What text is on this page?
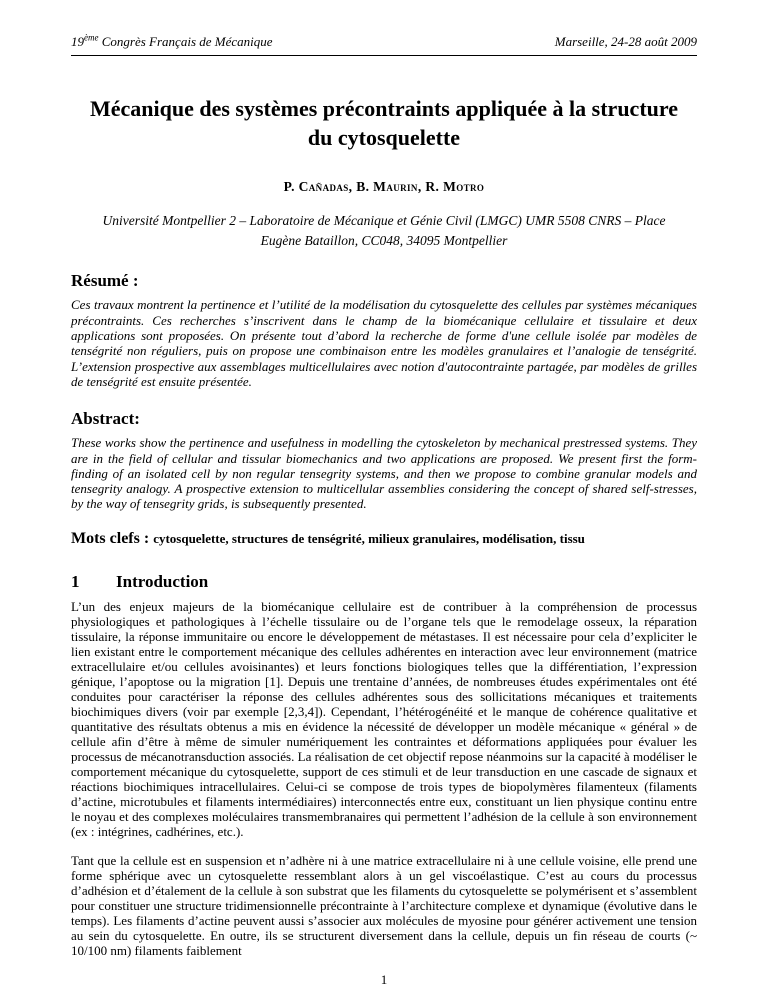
19ème Congrès Français de Mécanique	Marseille, 24-28 août 2009
Mécanique des systèmes précontraints appliquée à la structure du cytosquelette

P. Cañadas, B. Maurin, R. Motro

Université Montpellier 2 – Laboratoire de Mécanique et Génie Civil (LMGC) UMR 5508 CNRS – Place Eugène Bataillon, CC048, 34095 Montpellier

Résumé :

Ces travaux montrent la pertinence et l’utilité de la modélisation du cytosquelette des cellules par systèmes mécaniques précontraints. Ces recherches s’inscrivent dans le champ de la biomécanique cellulaire et tissulaire et deux applications sont proposées. On présente tout d’abord la recherche de forme d'une cellule isolée par modèles de tenségrité non réguliers, puis on propose une combinaison entre les modèles granulaires et l’analogie de tenségrité. L’extension prospective aux assemblages multicellulaires avec notion d'autocontrainte partagée, par modèles de grilles de tenségrité est ensuite présentée.

Abstract:

These works show the pertinence and usefulness in modelling the cytoskeleton by mechanical prestressed systems. They are in the field of cellular and tissular biomechanics and two applications are proposed. We present first the form-finding of an isolated cell by non regular tensegrity systems, and then we propose to combine granular models and tensegrity analogy. A prospective extension to multicellular assemblies considering the concept of shared self-stresses, by the way of tensegrity grids, is subsequently presented.

Mots clefs : cytosquelette, structures de tenségrité, milieux granulaires, modélisation, tissu

1 Introduction

L’un des enjeux majeurs de la biomécanique cellulaire est de contribuer à la compréhension de processus physiologiques et pathologiques à l’échelle tissulaire ou de l’organe tels que le remodelage osseux, la réparation tissulaire, la réponse immunitaire ou encore le développement de métastases. Il est nécessaire pour cela d’expliciter le lien existant entre le comportement mécanique des cellules adhérentes en interaction avec leur environnement (matrice extracellulaire et/ou cellules avoisinantes) et leurs fonctions biologiques telles que la différentiation, l’expression génique, l’apoptose ou la migration [1]. Depuis une trentaine d’années, de nombreuses études expérimentales ont été conduites pour caractériser la réponse des cellules adhérentes sous des sollicitations mécaniques et traitements biochimiques divers (voir par exemple [2,3,4]). Cependant, l’hétérogénéité et le manque de cohérence qualitative et quantitative des résultats obtenus a mis en évidence la nécessité de développer un modèle mécanique « général » de cellule afin d’être à même de simuler numériquement les contraintes et déformations appliquées pour évaluer les processus de mécanotransduction associés. La réalisation de cet objectif repose néanmoins sur la capacité à modéliser le comportement mécanique du cytosquelette, support de ces stimuli et de leur transduction en une cascade de signaux et réactions biochimiques intracellulaires. Celui-ci se compose de trois types de biopolymères filamenteux (filaments d’actine, microtubules et filaments intermédiaires) interconnectés entre eux, constituant un lien physique continu entre le noyau et des complexes moléculaires transmembranaires qui permettent l’adhésion de la cellule à son environnement (ex : intégrines, cadhérines, etc.).

Tant que la cellule est en suspension et n’adhère ni à une matrice extracellulaire ni à une cellule voisine, elle prend une forme sphérique avec un cytosquelette ressemblant alors à un gel viscoélastique. C’est au cours du processus d’adhésion et d’étalement de la cellule à son substrat que les filaments du cytosquelette se polymérisent et s’assemblent pour constituer une structure tridimensionnelle précontrainte à l’architecture complexe et dynamique (évolutive dans le temps). Les filaments d’actine peuvent aussi s’associer aux molécules de myosine pour générer activement une tension au sein du cytosquelette. En outre, ils se structurent diversement dans la cellule, depuis un fin réseau de courts (~ 10/100 nm) filaments faiblement

1
